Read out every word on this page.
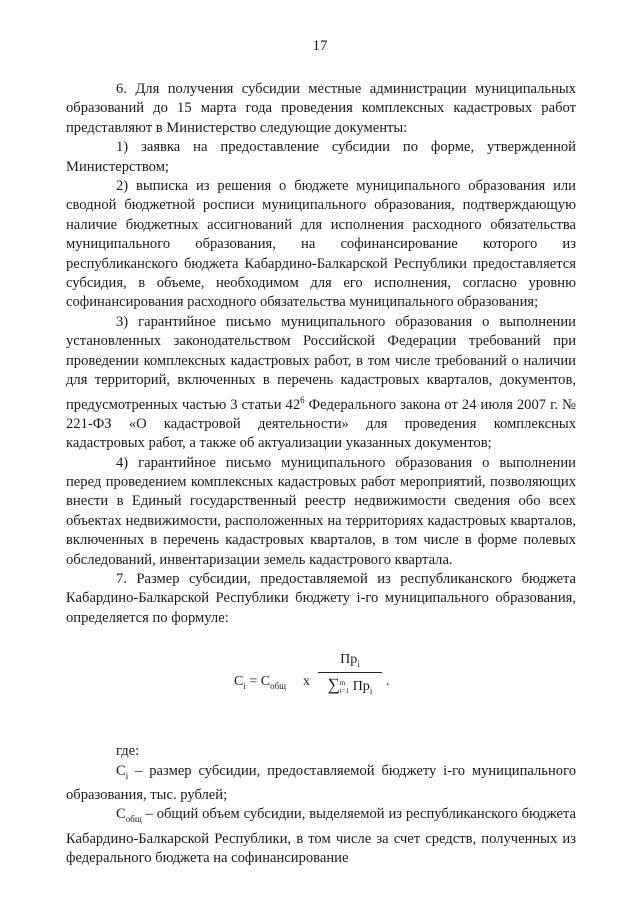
17

6. Для получения субсидии местные администрации муниципальных образований до 15 марта года проведения комплексных кадастровых работ представляют в Министерство следующие документы:

1) заявка на предоставление субсидии по форме, утвержденной Министерством;

2) выписка из решения о бюджете муниципального образования или сводной бюджетной росписи муниципального образования, подтверждающую наличие бюджетных ассигнований для исполнения расходного обязательства муниципального образования, на софинансирование которого из республиканского бюджета Кабардино-Балкарской Республики предоставляется субсидия, в объеме, необходимом для его исполнения, согласно уровню софинансирования расходного обязательства муниципального образования;

3) гарантийное письмо муниципального образования о выполнении установленных законодательством Российской Федерации требований при проведении комплексных кадастровых работ, в том числе требований о наличии для территорий, включенных в перечень кадастровых кварталов, документов, предусмотренных частью 3 статьи $42^6$ Федерального закона от 24 июля 2007 г. № 221-ФЗ «О кадастровой деятельности» для проведения комплексных кадастровых работ, а также об актуализации указанных документов;

4) гарантийное письмо муниципального образования о выполнении перед проведением комплексных кадастровых работ мероприятий, позволяющих внести в Единый государственный реестр недвижимости сведения обо всех объектах недвижимости, расположенных на территориях кадастровых кварталов, включенных в перечень кадастровых кварталов, в том числе в форме полевых обследований, инвентаризации земель кадастрового квартала.

7. Размер субсидии, предоставляемой из республиканского бюджета Кабардино-Балкарской Республики бюджету i-го муниципального образования, определяется по формуле:

$C_i = C_{общ}$ x
$Пр_i$
∑m
i=1 $Пр_i$
.

где:

$C_i$ – размер субсидии, предоставляемой бюджету i-го муниципального образования, тыс. рублей;

$C_{общ}$ – общий объем субсидии, выделяемой из республиканского бюджета Кабардино-Балкарской Республики, в том числе за счет средств, полученных из федерального бюджета на софинансирование
